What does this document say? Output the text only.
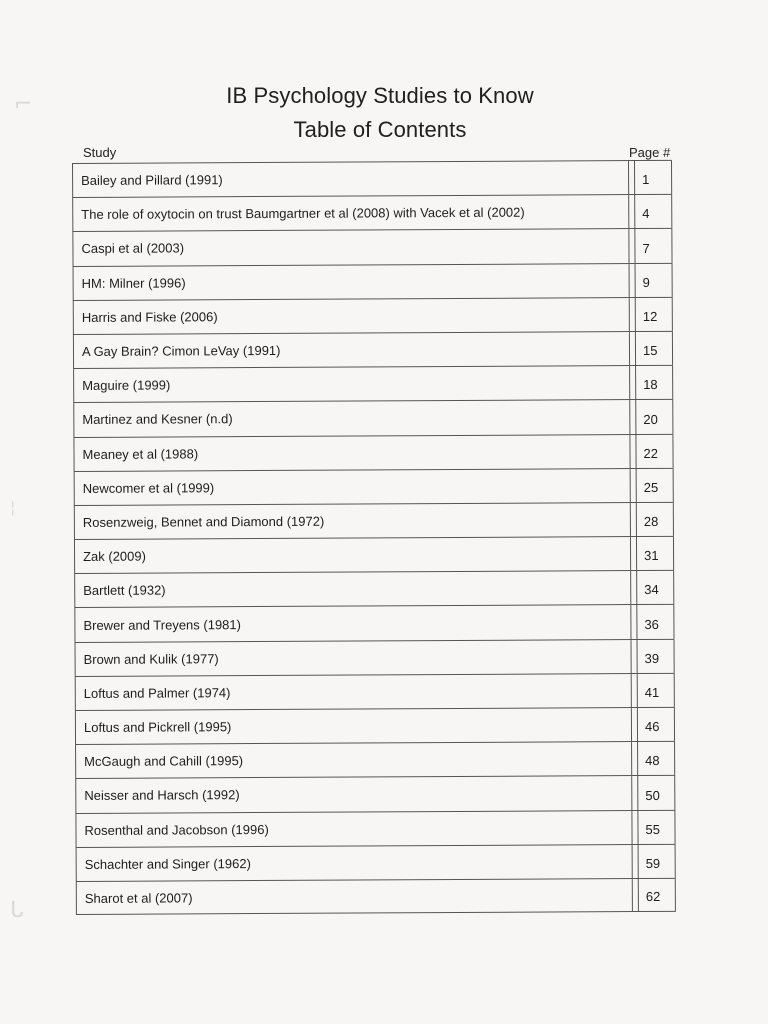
⌐
¦
ᒐ
IB Psychology Studies to Know
Table of Contents
Study	Page #
Bailey and Pillard (1991)	1
The role of oxytocin on trust Baumgartner et al (2008) with Vacek et al (2002)	4
Caspi et al (2003)	7
HM: Milner (1996)	9
Harris and Fiske (2006)	12
A Gay Brain? Cimon LeVay (1991)	15
Maguire (1999)	18
Martinez and Kesner (n.d)	20
Meaney et al (1988)	22
Newcomer et al (1999)	25
Rosenzweig, Bennet and Diamond (1972)	28
Zak (2009)	31
Bartlett (1932)	34
Brewer and Treyens (1981)	36
Brown and Kulik (1977)	39
Loftus and Palmer (1974)	41
Loftus and Pickrell (1995)	46
McGaugh and Cahill (1995)	48
Neisser and Harsch (1992)	50
Rosenthal and Jacobson (1996)	55
Schachter and Singer (1962)	59
Sharot et al (2007)	62
